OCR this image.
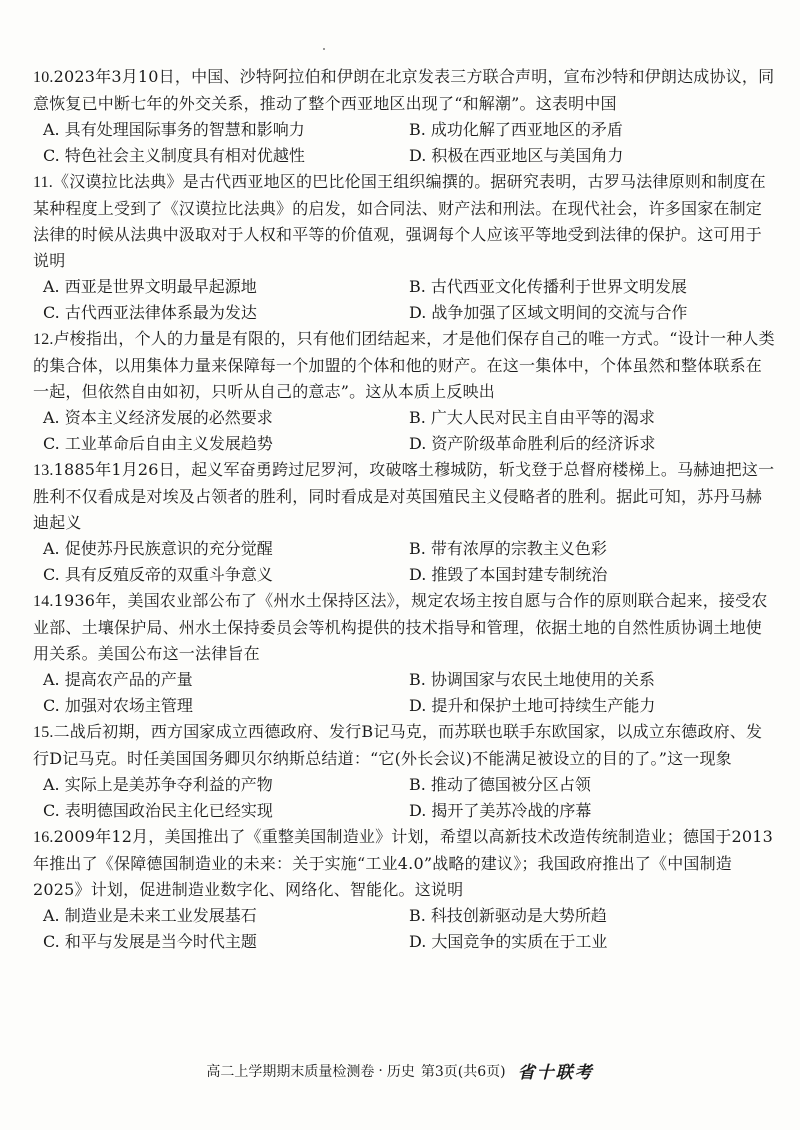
10.2023年3月10日，中国、沙特阿拉伯和伊朗在北京发表三方联合声明，宣布沙特和伊朗达成协议，同意恢复已中断七年的外交关系，推动了整个西亚地区出现了“和解潮”。这表明中国

A. 具有处理国际事务的智慧和影响力	B. 成功化解了西亚地区的矛盾
C. 特色社会主义制度具有相对优越性	D. 积极在西亚地区与美国角力

11.《汉谟拉比法典》是古代西亚地区的巴比伦国王组织编撰的。据研究表明，古罗马法律原则和制度在某种程度上受到了《汉谟拉比法典》的启发，如合同法、财产法和刑法。在现代社会，许多国家在制定法律的时候从法典中汲取对于人权和平等的价值观，强调每个人应该平等地受到法律的保护。这可用于说明

A. 西亚是世界文明最早起源地	B. 古代西亚文化传播利于世界文明发展
C. 古代西亚法律体系最为发达	D. 战争加强了区域文明间的交流与合作

12.卢梭指出，个人的力量是有限的，只有他们团结起来，才是他们保存自己的唯一方式。“设计一种人类的集合体，以用集体力量来保障每一个加盟的个体和他的财产。在这一集体中，个体虽然和整体联系在一起，但依然自由如初，只听从自己的意志”。这从本质上反映出

A. 资本主义经济发展的必然要求	B. 广大人民对民主自由平等的渴求
C. 工业革命后自由主义发展趋势	D. 资产阶级革命胜利后的经济诉求

13.1885年1月26日，起义军奋勇跨过尼罗河，攻破喀土穆城防，斩戈登于总督府楼梯上。马赫迪把这一胜利不仅看成是对埃及占领者的胜利，同时看成是对英国殖民主义侵略者的胜利。据此可知，苏丹马赫迪起义

A. 促使苏丹民族意识的充分觉醒	B. 带有浓厚的宗教主义色彩
C. 具有反殖反帝的双重斗争意义	D. 推毁了本国封建专制统治

14.1936年，美国农业部公布了《州水土保持区法》，规定农场主按自愿与合作的原则联合起来，接受农业部、土壤保护局、州水土保持委员会等机构提供的技术指导和管理，依据土地的自然性质协调土地使用关系。美国公布这一法律旨在

A. 提高农产品的产量	B. 协调国家与农民土地使用的关系
C. 加强对农场主管理	D. 提升和保护土地可持续生产能力

15.二战后初期，西方国家成立西德政府、发行B记马克，而苏联也联手东欧国家，以成立东德政府、发行D记马克。时任美国国务卿贝尔纳斯总结道：“它(外长会议)不能满足被设立的目的了。”这一现象

A. 实际上是美苏争夺利益的产物	B. 推动了德国被分区占领
C. 表明德国政治民主化已经实现	D. 揭开了美苏冷战的序幕

16.2009年12月，美国推出了《重整美国制造业》计划，希望以高新技术改造传统制造业；德国于2013年推出了《保障德国制造业的未来：关于实施“工业4.0”战略的建议》；我国政府推出了《中国制造2025》计划，促进制造业数字化、网络化、智能化。这说明

A. 制造业是未来工业发展基石	B. 科技创新驱动是大势所趋
C. 和平与发展是当今时代主题	D. 大国竞争的实质在于工业
高二上学期期末质量检测卷 · 历史 第3页(共6页) 省十联考
